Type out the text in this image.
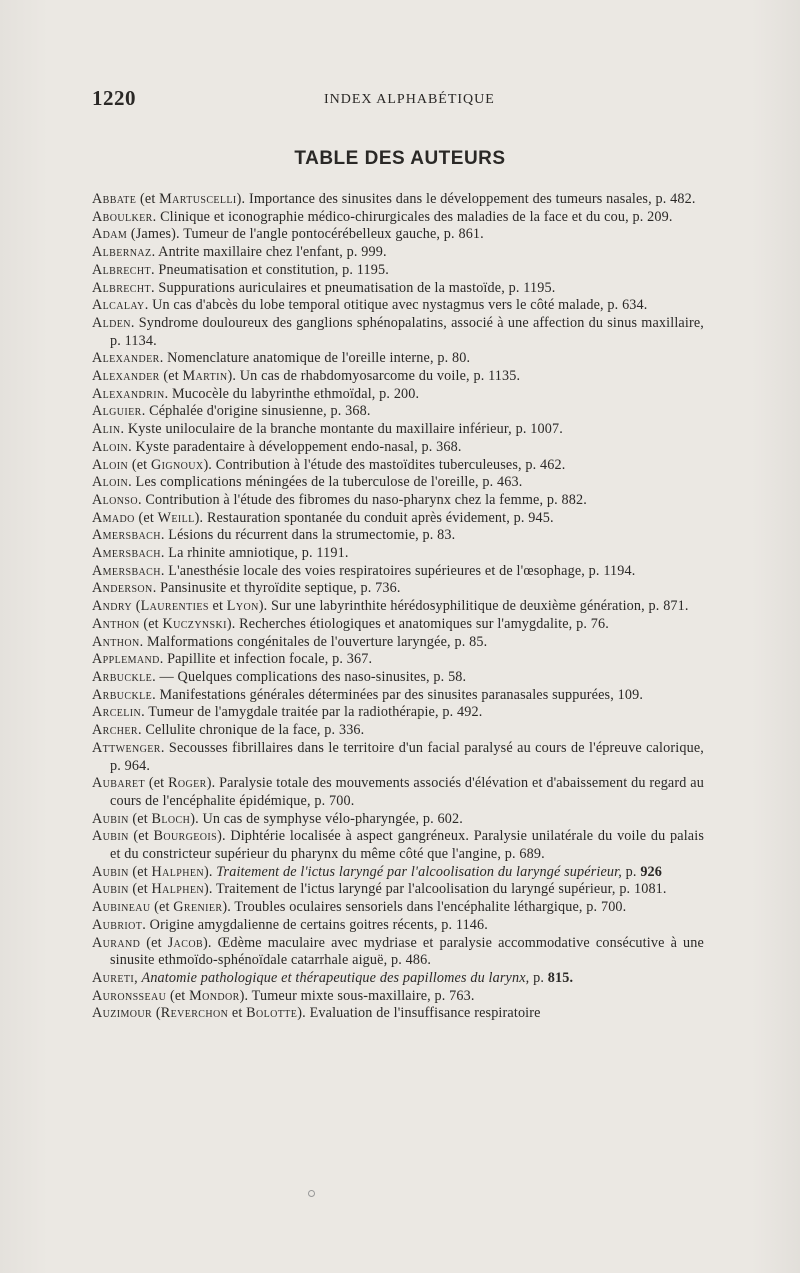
1220	INDEX ALPHABÉTIQUE
TABLE DES AUTEURS

Abbate (et Martuscelli). Importance des sinusites dans le développement des tumeurs nasales, p. 482.

Aboulker. Clinique et iconographie médico-chirurgicales des maladies de la face et du cou, p. 209.

Adam (James). Tumeur de l'angle pontocérébelleux gauche, p. 861.

Albernaz. Antrite maxillaire chez l'enfant, p. 999.

Albrecht. Pneumatisation et constitution, p. 1195.

Albrecht. Suppurations auriculaires et pneumatisation de la mastoïde, p. 1195.

Alcalay. Un cas d'abcès du lobe temporal otitique avec nystagmus vers le côté malade, p. 634.

Alden. Syndrome douloureux des ganglions sphénopalatins, associé à une affection du sinus maxillaire, p. 1134.

Alexander. Nomenclature anatomique de l'oreille interne, p. 80.

Alexander (et Martin). Un cas de rhabdomyosarcome du voile, p. 1135.

Alexandrin. Mucocèle du labyrinthe ethmoïdal, p. 200.

Alguier. Céphalée d'origine sinusienne, p. 368.

Alin. Kyste uniloculaire de la branche montante du maxillaire inférieur, p. 1007.

Aloin. Kyste paradentaire à développement endo-nasal, p. 368.

Aloin (et Gignoux). Contribution à l'étude des mastoïdites tuberculeuses, p. 462.

Aloin. Les complications méningées de la tuberculose de l'oreille, p. 463.

Alonso. Contribution à l'étude des fibromes du naso-pharynx chez la femme, p. 882.

Amado (et Weill). Restauration spontanée du conduit après évidement, p. 945.

Amersbach. Lésions du récurrent dans la strumectomie, p. 83.

Amersbach. La rhinite amniotique, p. 1191.

Amersbach. L'anesthésie locale des voies respiratoires supérieures et de l'œsophage, p. 1194.

Anderson. Pansinusite et thyroïdite septique, p. 736.

Andry (Laurenties et Lyon). Sur une labyrinthite hérédosyphilitique de deuxième génération, p. 871.

Anthon (et Kuczynski). Recherches étiologiques et anatomiques sur l'amygdalite, p. 76.

Anthon. Malformations congénitales de l'ouverture laryngée, p. 85.

Applemand. Papillite et infection focale, p. 367.

Arbuckle. — Quelques complications des naso-sinusites, p. 58.

Arbuckle. Manifestations générales déterminées par des sinusites paranasales suppurées, 109.

Arcelin. Tumeur de l'amygdale traitée par la radiothérapie, p. 492.

Archer. Cellulite chronique de la face, p. 336.

Attwenger. Secousses fibrillaires dans le territoire d'un facial paralysé au cours de l'épreuve calorique, p. 964.

Aubaret (et Roger). Paralysie totale des mouvements associés d'élévation et d'abaissement du regard au cours de l'encéphalite épidémique, p. 700.

Aubin (et Bloch). Un cas de symphyse vélo-pharyngée, p. 602.

Aubin (et Bourgeois). Diphtérie localisée à aspect gangréneux. Paralysie unilatérale du voile du palais et du constricteur supérieur du pharynx du même côté que l'angine, p. 689.

Aubin (et Halphen). Traitement de l'ictus laryngé par l'alcoolisation du laryngé supérieur, p. 926

Aubin (et Halphen). Traitement de l'ictus laryngé par l'alcoolisation du laryngé supérieur, p. 1081.

Aubineau (et Grenier). Troubles oculaires sensoriels dans l'encéphalite léthargique, p. 700.

Aubriot. Origine amygdalienne de certains goitres récents, p. 1146.

Aurand (et Jacob). Œdème maculaire avec mydriase et paralysie accommodative consécutive à une sinusite ethmoïdo-sphénoïdale catarrhale aiguë, p. 486.

Aureti, Anatomie pathologique et thérapeutique des papillomes du larynx, p. 815.

Auronsseau (et Mondor). Tumeur mixte sous-maxillaire, p. 763.

Auzimour (Reverchon et Bolotte). Evaluation de l'insuffisance respiratoire
